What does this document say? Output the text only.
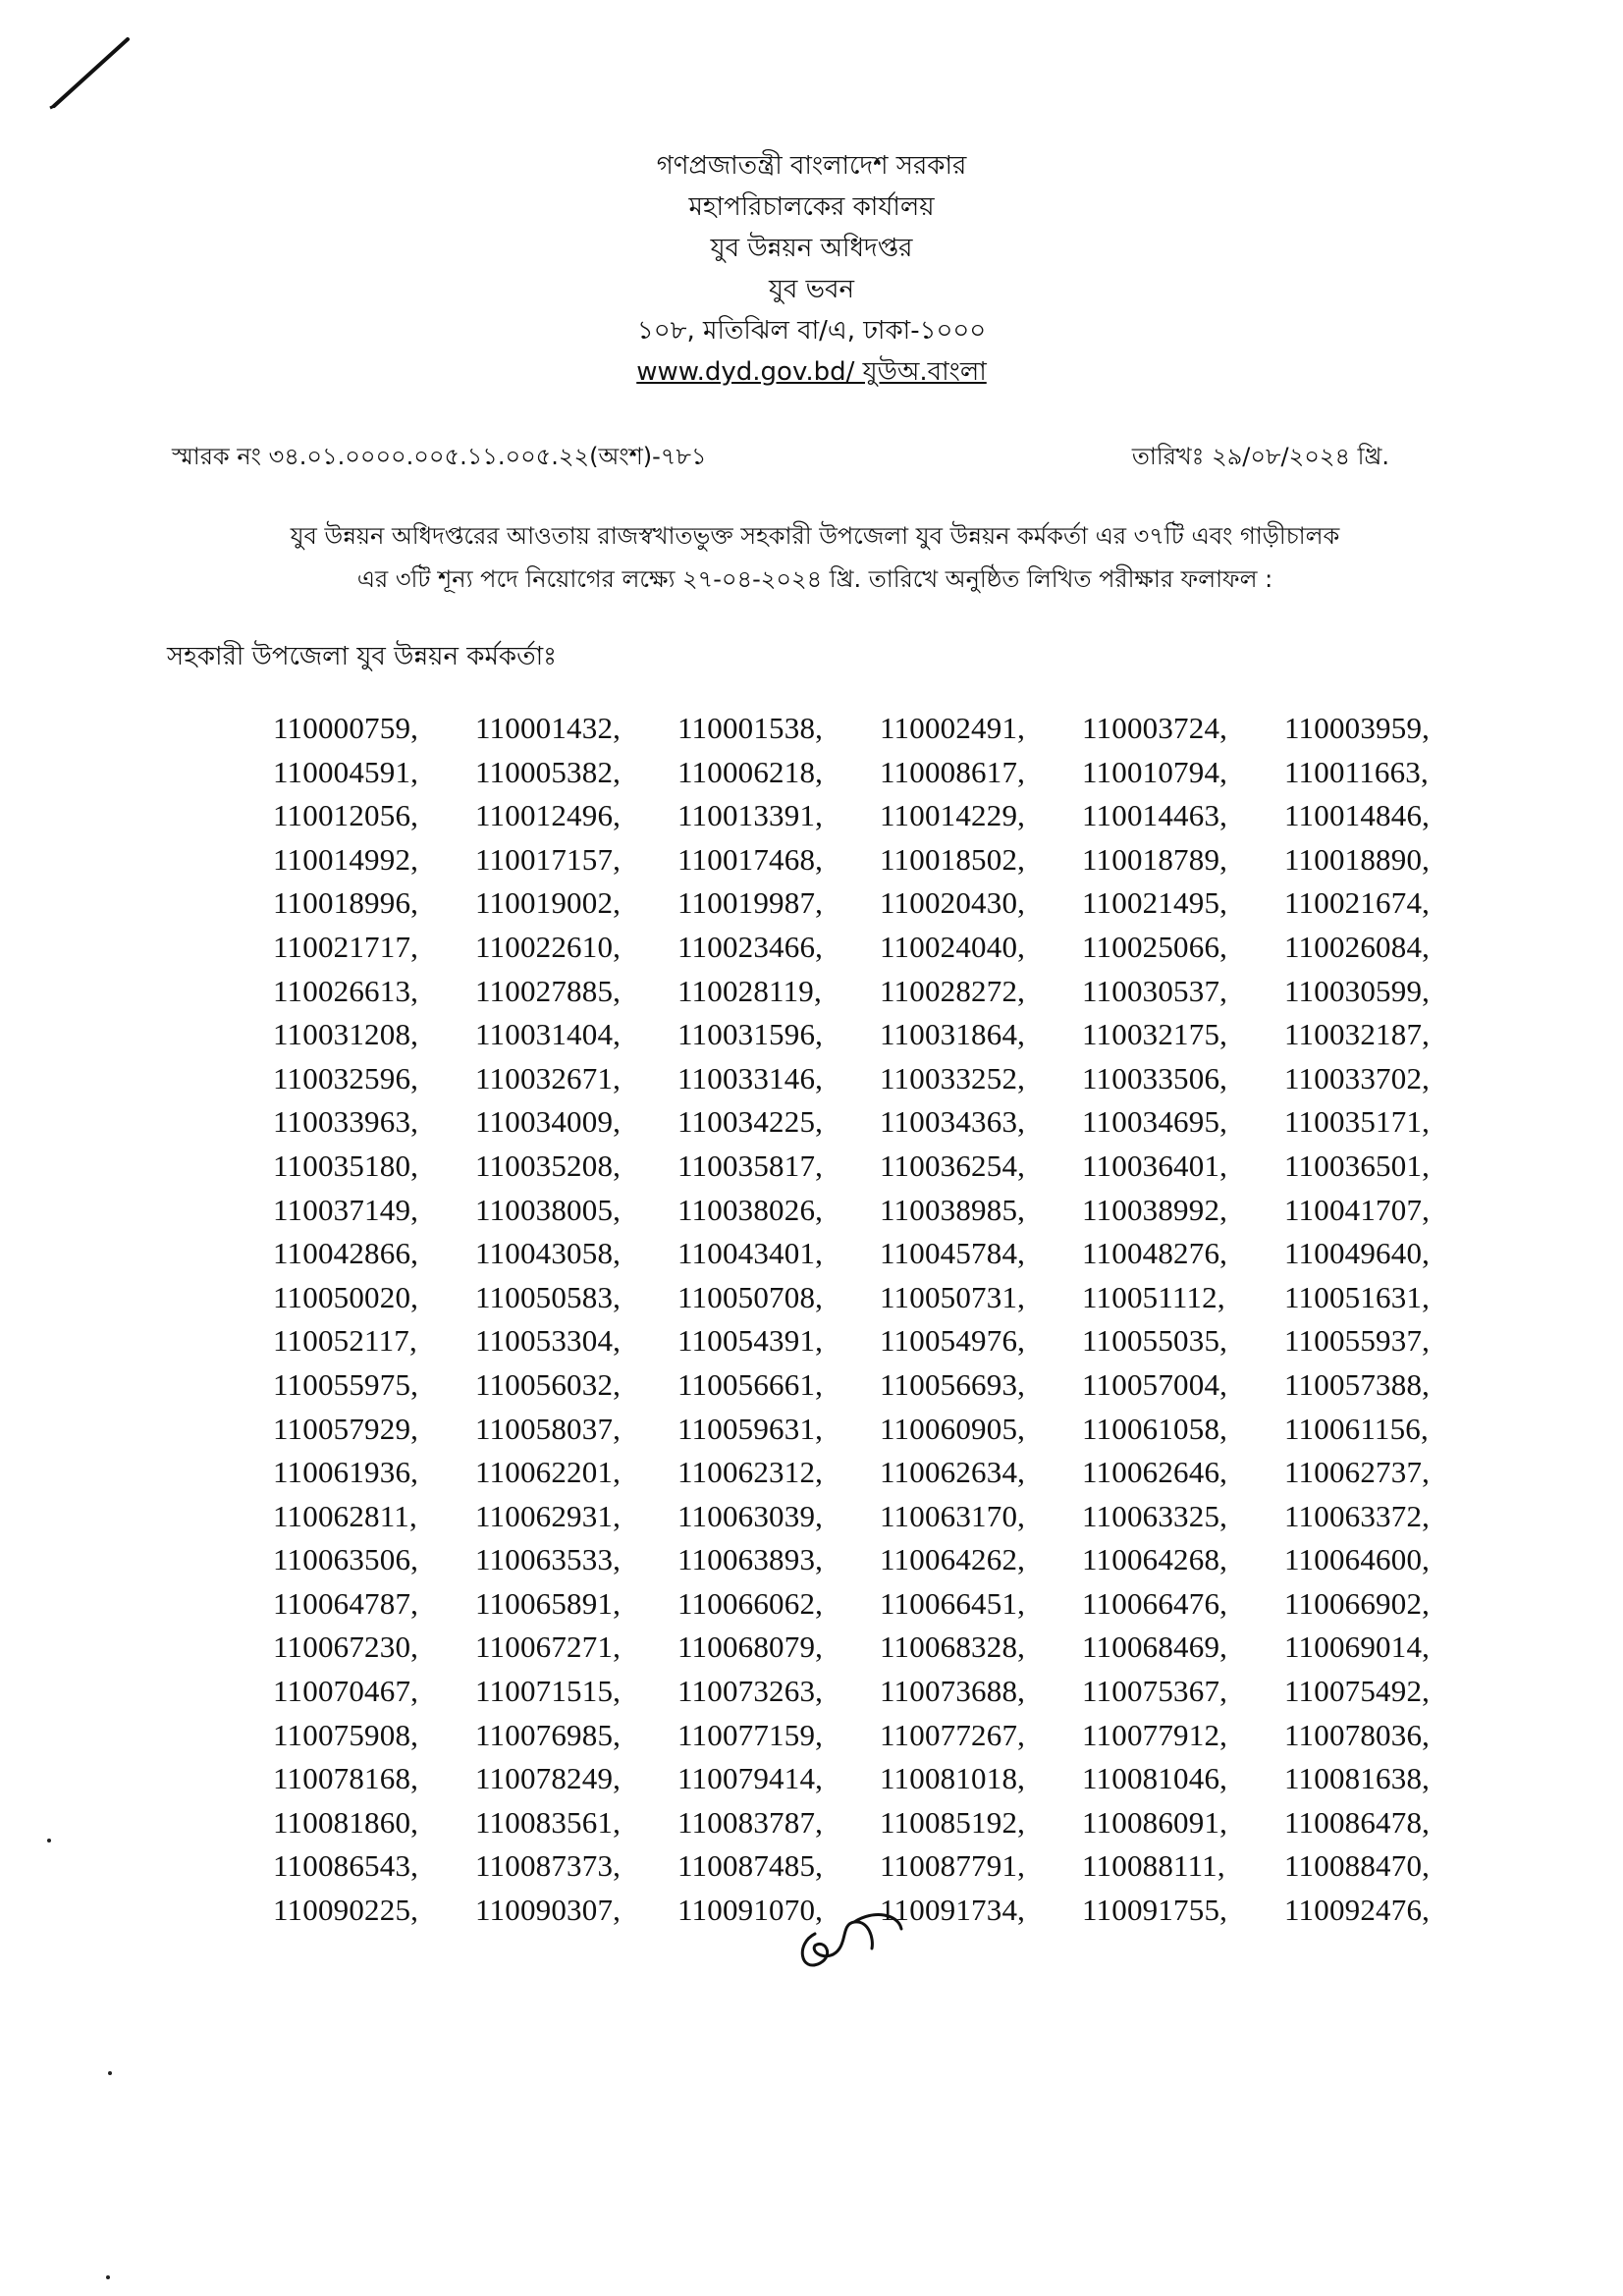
গণপ্রজাতন্ত্রী বাংলাদেশ সরকার
মহাপরিচালকের কার্যালয়
যুব উন্নয়ন অধিদপ্তর
যুব ভবন
১০৮, মতিঝিল বা/এ, ঢাকা-১০০০
www.dyd.gov.bd/ যুউঅ.বাংলা
স্মারক নং ৩৪.০১.০০০০.০০৫.১১.০০৫.২২(অংশ)-৭৮১	তারিখঃ ২৯/০৮/২০২৪ খ্রি.
যুব উন্নয়ন অধিদপ্তরের আওতায় রাজস্বখাতভুক্ত সহকারী উপজেলা যুব উন্নয়ন কর্মকর্তা এর ৩৭টি এবং গাড়ীচালক
এর ৩টি শূন্য পদে নিয়োগের লক্ষ্যে ২৭-০৪-২০২৪ খ্রি. তারিখে অনুষ্ঠিত লিখিত পরীক্ষার ফলাফল :
সহকারী উপজেলা যুব উন্নয়ন কর্মকর্তাঃ
110000759,	110001432,	110001538,	110002491,	110003724,	110003959,
110004591,	110005382,	110006218,	110008617,	110010794,	110011663,
110012056,	110012496,	110013391,	110014229,	110014463,	110014846,
110014992,	110017157,	110017468,	110018502,	110018789,	110018890,
110018996,	110019002,	110019987,	110020430,	110021495,	110021674,
110021717,	110022610,	110023466,	110024040,	110025066,	110026084,
110026613,	110027885,	110028119,	110028272,	110030537,	110030599,
110031208,	110031404,	110031596,	110031864,	110032175,	110032187,
110032596,	110032671,	110033146,	110033252,	110033506,	110033702,
110033963,	110034009,	110034225,	110034363,	110034695,	110035171,
110035180,	110035208,	110035817,	110036254,	110036401,	110036501,
110037149,	110038005,	110038026,	110038985,	110038992,	110041707,
110042866,	110043058,	110043401,	110045784,	110048276,	110049640,
110050020,	110050583,	110050708,	110050731,	110051112,	110051631,
110052117,	110053304,	110054391,	110054976,	110055035,	110055937,
110055975,	110056032,	110056661,	110056693,	110057004,	110057388,
110057929,	110058037,	110059631,	110060905,	110061058,	110061156,
110061936,	110062201,	110062312,	110062634,	110062646,	110062737,
110062811,	110062931,	110063039,	110063170,	110063325,	110063372,
110063506,	110063533,	110063893,	110064262,	110064268,	110064600,
110064787,	110065891,	110066062,	110066451,	110066476,	110066902,
110067230,	110067271,	110068079,	110068328,	110068469,	110069014,
110070467,	110071515,	110073263,	110073688,	110075367,	110075492,
110075908,	110076985,	110077159,	110077267,	110077912,	110078036,
110078168,	110078249,	110079414,	110081018,	110081046,	110081638,
110081860,	110083561,	110083787,	110085192,	110086091,	110086478,
110086543,	110087373,	110087485,	110087791,	110088111,	110088470,
110090225,	110090307,	110091070,	110091734,	110091755,	110092476,
